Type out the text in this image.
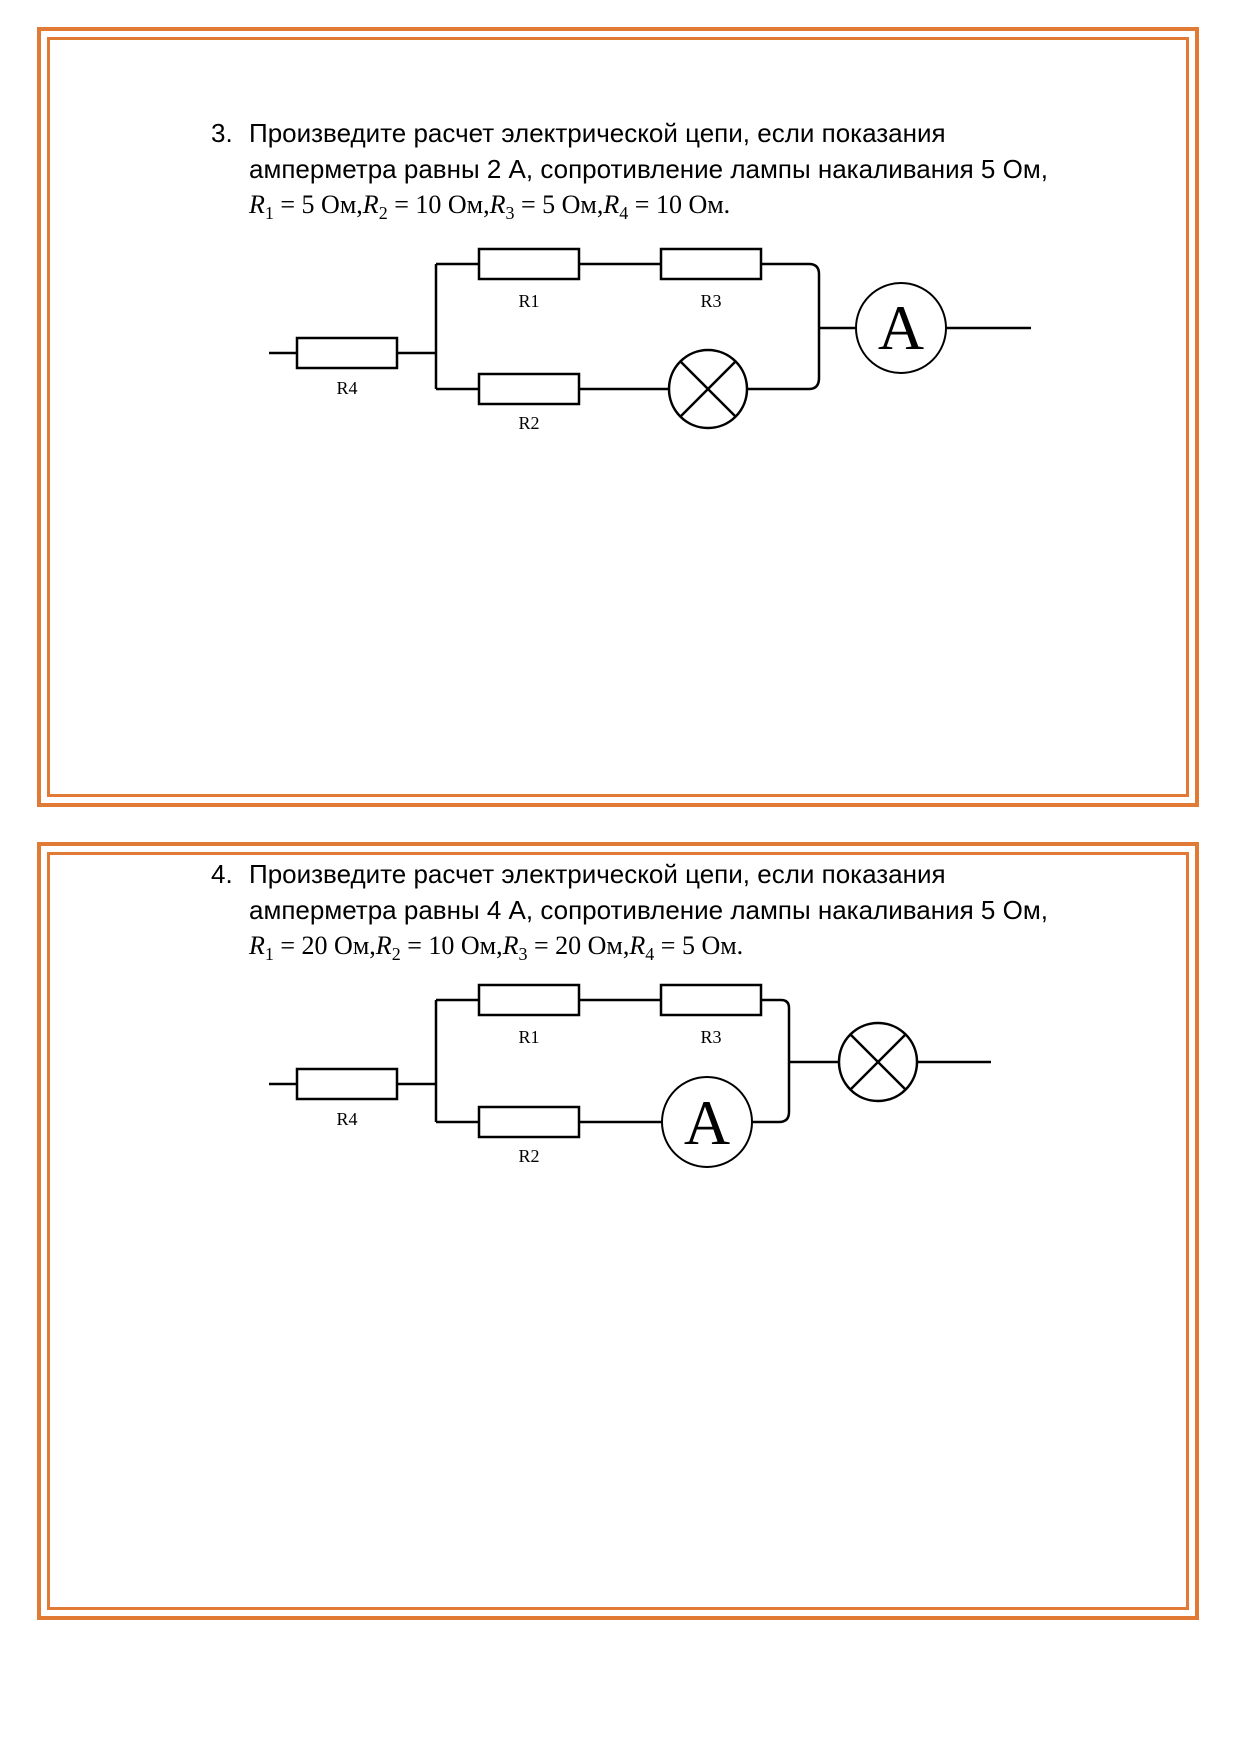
3. Произведите расчет электрической цепи, если показания
амперметра равны 2 А, сопротивление лампы накаливания 5 Ом,
$R_1 = 5$ $Ом,R_2 = 10$ $Ом,R_3 = 5$ $Ом,R_4 = 10$ Ом.
R1	R3
R4
R2
A
4. Произведите расчет электрической цепи, если показания
амперметра равны 4 А, сопротивление лампы накаливания 5 Ом,
$R_1 = 20$ $Ом,R_2 = 10$ $Ом,R_3 = 20$ $Ом,R_4 = 5$ Ом.
R1	R3
R4
R2 A
